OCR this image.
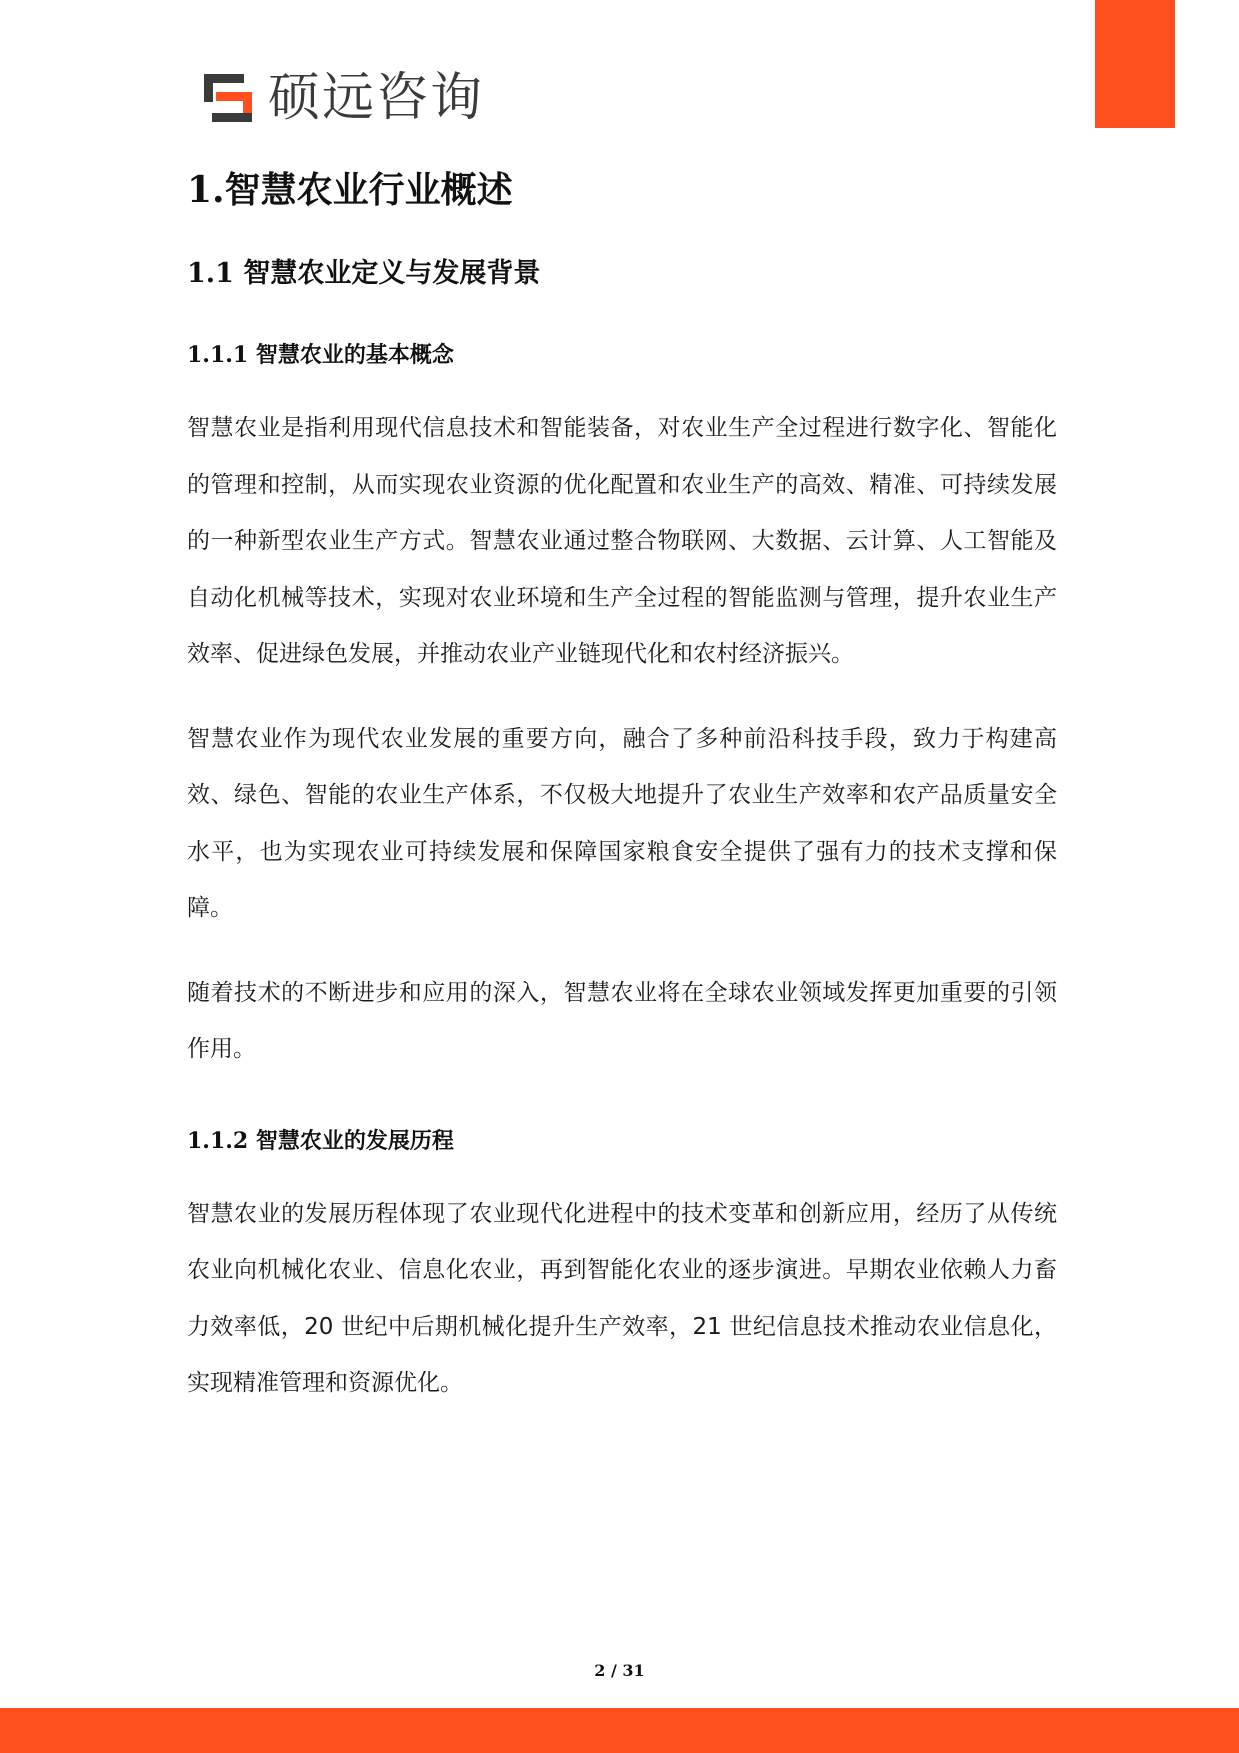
硕远咨询
1.智慧农业行业概述
1.1 智慧农业定义与发展背景
1.1.1 智慧农业的基本概念

智慧农业是指利用现代信息技术和智能装备，对农业生产全过程进行数字化、智能化的管理和控制，从而实现农业资源的优化配置和农业生产的高效、精准、可持续发展的一种新型农业生产方式。智慧农业通过整合物联网、大数据、云计算、人工智能及自动化机械等技术，实现对农业环境和生产全过程的智能监测与管理，提升农业生产效率、促进绿色发展，并推动农业产业链现代化和农村经济振兴。

智慧农业作为现代农业发展的重要方向，融合了多种前沿科技手段，致力于构建高效、绿色、智能的农业生产体系，不仅极大地提升了农业生产效率和农产品质量安全水平，也为实现农业可持续发展和保障国家粮食安全提供了强有力的技术支撑和保障。

随着技术的不断进步和应用的深入，智慧农业将在全球农业领域发挥更加重要的引领作用。

1.1.2 智慧农业的发展历程

智慧农业的发展历程体现了农业现代化进程中的技术变革和创新应用，经历了从传统农业向机械化农业、信息化农业，再到智能化农业的逐步演进。早期农业依赖人力畜力效率低，20 世纪中后期机械化提升生产效率，21 世纪信息技术推动农业信息化，实现精准管理和资源优化。

2 / 31
